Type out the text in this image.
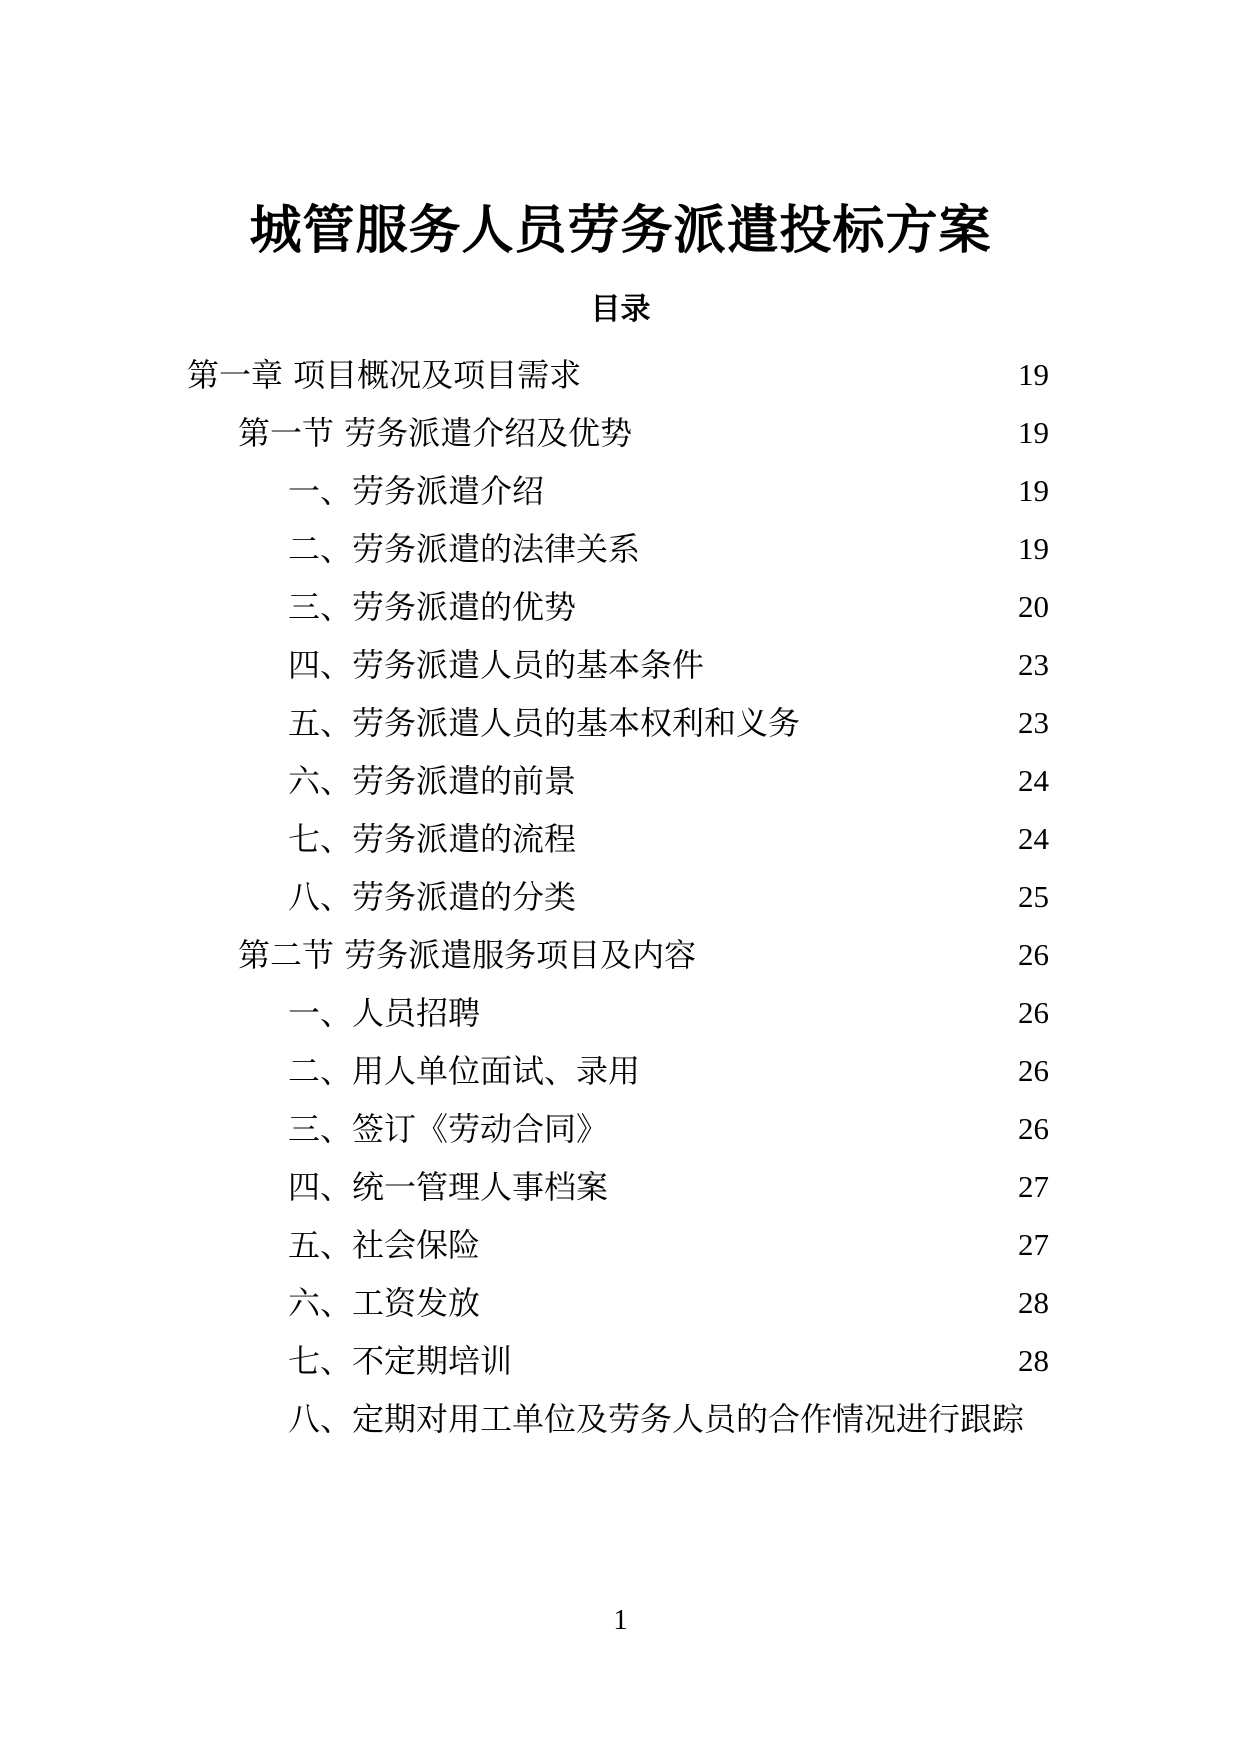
城管服务人员劳务派遣投标方案
目录
第一章 项目概况及项目需求	19
第一节 劳务派遣介绍及优势	19
一、劳务派遣介绍	19
二、劳务派遣的法律关系	19
三、劳务派遣的优势	20
四、劳务派遣人员的基本条件	23
五、劳务派遣人员的基本权利和义务	23
六、劳务派遣的前景	24
七、劳务派遣的流程	24
八、劳务派遣的分类	25
第二节 劳务派遣服务项目及内容	26
一、人员招聘	26
二、用人单位面试、录用	26
三、签订《劳动合同》	26
四、统一管理人事档案	27
五、社会保险	27
六、工资发放	28
七、不定期培训	28
八、定期对用工单位及劳务人员的合作情况进行跟踪
1
